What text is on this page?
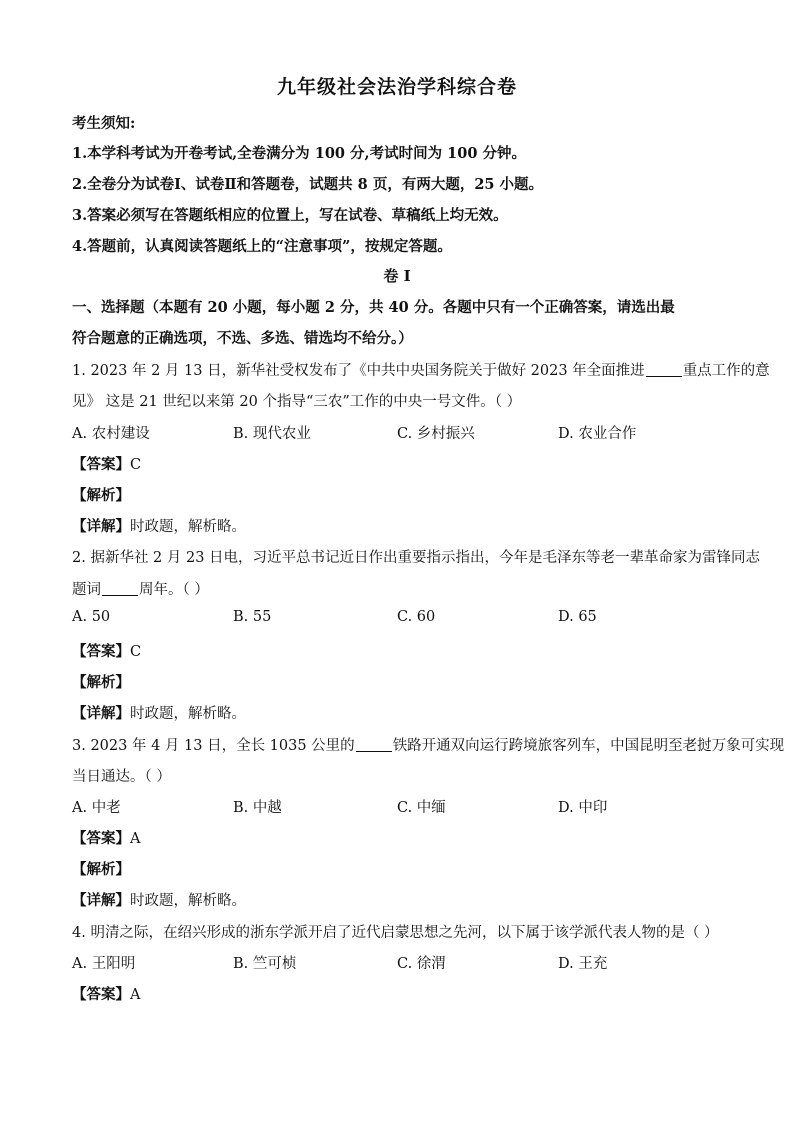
九年级社会法治学科综合卷
考生须知:
1.本学科考试为开卷考试,全卷满分为 100 分,考试时间为 100 分钟。
2.全卷分为试卷Ⅰ、试卷Ⅱ和答题卷，试题共 8 页，有两大题，25 小题。
3.答案必须写在答题纸相应的位置上，写在试卷、草稿纸上均无效。
4.答题前，认真阅读答题纸上的“注意事项”，按规定答题。
卷 I
一、选择题（本题有 20 小题，每小题 2 分，共 40 分。各题中只有一个正确答案，请选出最
符合题意的正确选项，不选、多选、错选均不给分。）
1. 2023 年 2 月 13 日，新华社受权发布了《中共中央国务院关于做好 2023 年全面推进	重点工作的意
见》 这是 21 世纪以来第 20 个指导“三农”工作的中央一号文件。（ ）
A. 农村建设	B. 现代农业	C. 乡村振兴	D. 农业合作
【答案】C
【解析】
【详解】时政题，解析略。
2. 据新华社 2 月 23 日电，习近平总书记近日作出重要指示指出，今年是毛泽东等老一辈革命家为雷锋同志
题词	周年。（ ）
A. 50	B. 55	C. 60	D. 65
【答案】C
【解析】
【详解】时政题，解析略。
3. 2023 年 4 月 13 日，全长 1035 公里的	铁路开通双向运行跨境旅客列车，中国昆明至老挝万象可实现
当日通达。（ ）
A. 中老	B. 中越	C. 中缅	D. 中印
【答案】A
【解析】
【详解】时政题，解析略。
4. 明清之际，在绍兴形成的浙东学派开启了近代启蒙思想之先河，以下属于该学派代表人物的是（ ）
A. 王阳明	B. 竺可桢	C. 徐渭	D. 王充
【答案】A
